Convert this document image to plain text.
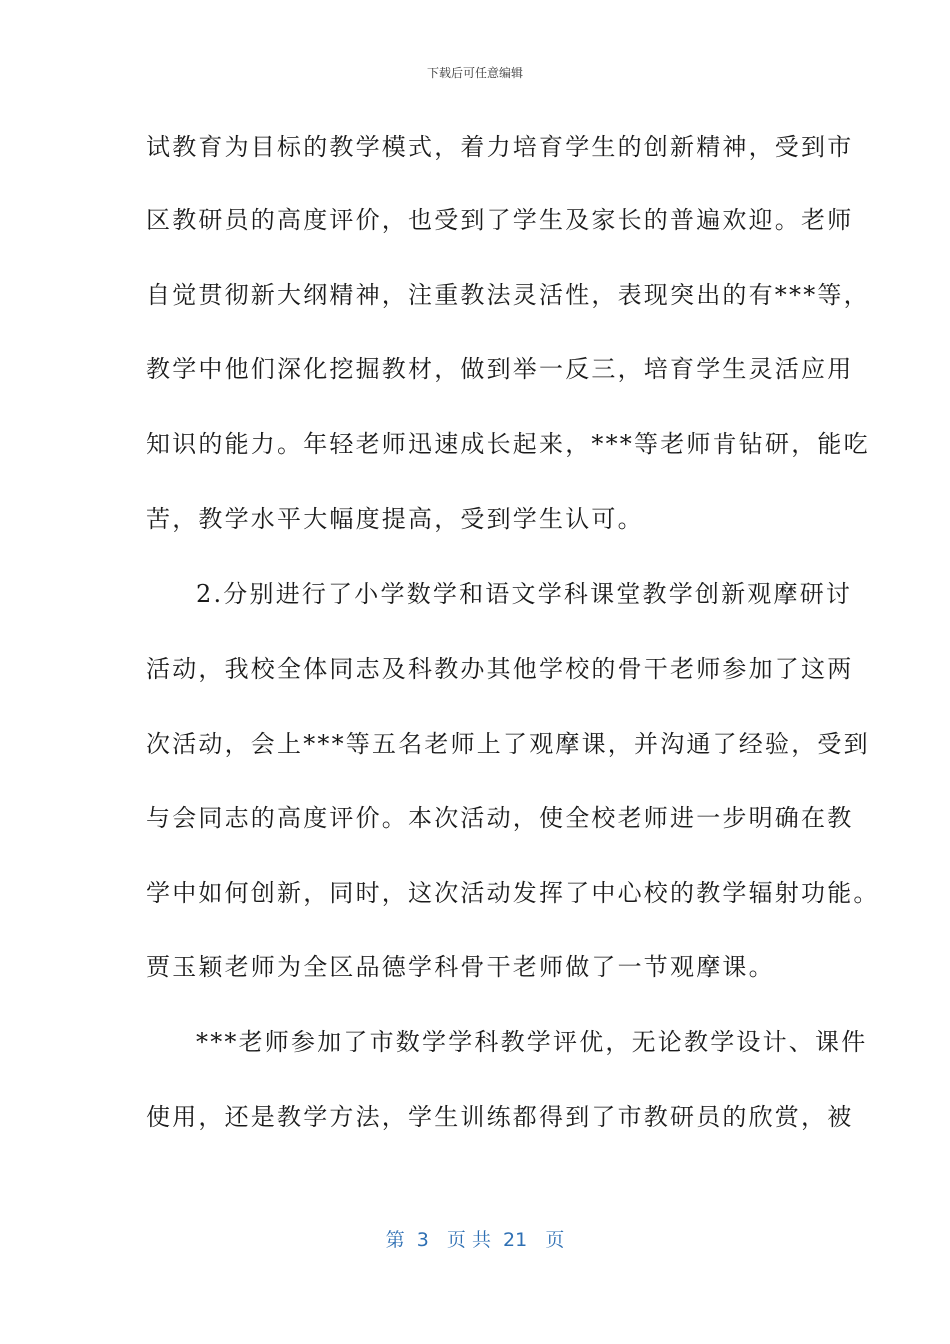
下载后可任意编辑
试教育为目标的教学模式，着力培育学生的创新精神，受到市
区教研员的高度评价，也受到了学生及家长的普遍欢迎。老师
自觉贯彻新大纲精神，注重教法灵活性，表现突出的有***等，
教学中他们深化挖掘教材，做到举一反三，培育学生灵活应用
知识的能力。年轻老师迅速成长起来，***等老师肯钻研，能吃
苦，教学水平大幅度提高，受到学生认可。
2.分别进行了小学数学和语文学科课堂教学创新观摩研讨
活动，我校全体同志及科教办其他学校的骨干老师参加了这两
次活动，会上***等五名老师上了观摩课，并沟通了经验，受到
与会同志的高度评价。本次活动，使全校老师进一步明确在教
学中如何创新，同时，这次活动发挥了中心校的教学辐射功能。
贾玉颖老师为全区品德学科骨干老师做了一节观摩课。
***老师参加了市数学学科教学评优，无论教学设计、课件
使用，还是教学方法，学生训练都得到了市教研员的欣赏，被
第  3   页 共  21   页
